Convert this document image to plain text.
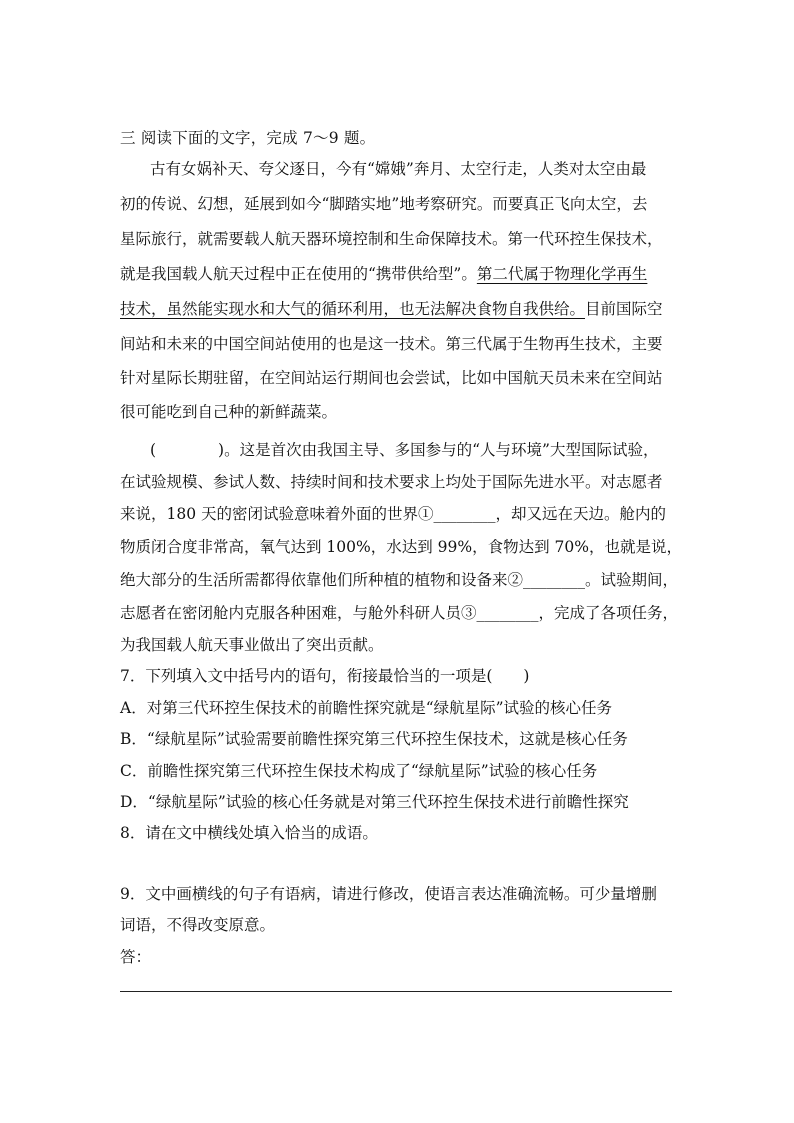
三 阅读下面的文字，完成 7～9 题。
古有女娲补天、夸父逐日，今有“嫦娥”奔月、太空行走，人类对太空由最
初的传说、幻想，延展到如今“脚踏实地”地考察研究。而要真正飞向太空，去
星际旅行，就需要载人航天器环境控制和生命保障技术。第一代环控生保技术，
就是我国载人航天过程中正在使用的“携带供给型”。第二代属于物理化学再生
技术，虽然能实现水和大气的循环利用，也无法解决食物自我供给。目前国际空
间站和未来的中国空间站使用的也是这一技术。第三代属于生物再生技术，主要
针对星际长期驻留，在空间站运行期间也会尝试，比如中国航天员未来在空间站
很可能吃到自己种的新鲜蔬菜。
(　　　　)。这是首次由我国主导、多国参与的“人与环境”大型国际试验，
在试验规模、参试人数、持续时间和技术要求上均处于国际先进水平。对志愿者
来说，180 天的密闭试验意味着外面的世界①________，却又远在天边。舱内的
物质闭合度非常高，氧气达到 100%，水达到 99%，食物达到 70%，也就是说，
绝大部分的生活所需都得依靠他们所种植的植物和设备来②________。试验期间，
志愿者在密闭舱内克服各种困难，与舱外科研人员③________，完成了各项任务，
为我国载人航天事业做出了突出贡献。
7．下列填入文中括号内的语句，衔接最恰当的一项是(　　)
A．对第三代环控生保技术的前瞻性探究就是“绿航星际”试验的核心任务
B．“绿航星际”试验需要前瞻性探究第三代环控生保技术，这就是核心任务
C．前瞻性探究第三代环控生保技术构成了“绿航星际”试验的核心任务
D．“绿航星际”试验的核心任务就是对第三代环控生保技术进行前瞻性探究
8．请在文中横线处填入恰当的成语。
9．文中画横线的句子有语病，请进行修改，使语言表达准确流畅。可少量增删
词语，不得改变原意。
答：
